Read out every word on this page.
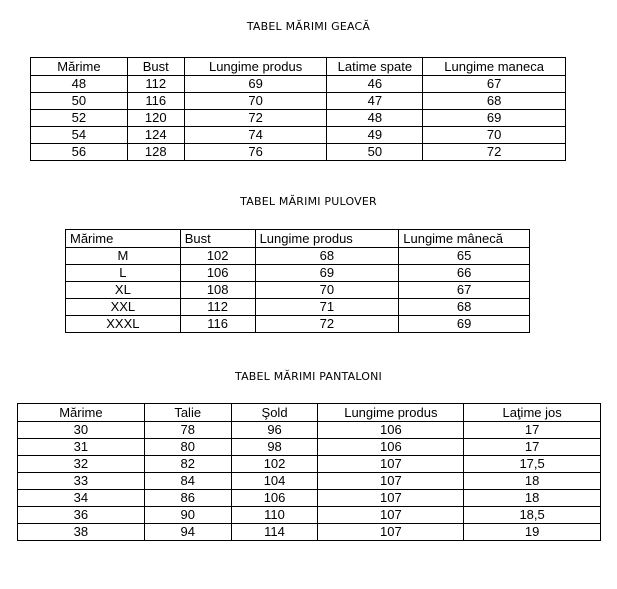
TABEL MĂRIMI GEACĂ
Mărime	Bust	Lungime produs	Latime spate	Lungime maneca
48	112	69	46	67
50	116	70	47	68
52	120	72	48	69
54	124	74	49	70
56	128	76	50	72
TABEL MĂRIMI PULOVER
Mărime	Bust	Lungime produs	Lungime mânecă
M	102	68	65
L	106	69	66
XL	108	70	67
XXL	112	71	68
XXXL	116	72	69
TABEL MĂRIMI PANTALONI
Mărime	Talie	Şold	Lungime produs	Laţime jos
30	78	96	106	17
31	80	98	106	17
32	82	102	107	17,5
33	84	104	107	18
34	86	106	107	18
36	90	110	107	18,5
38	94	114	107	19
